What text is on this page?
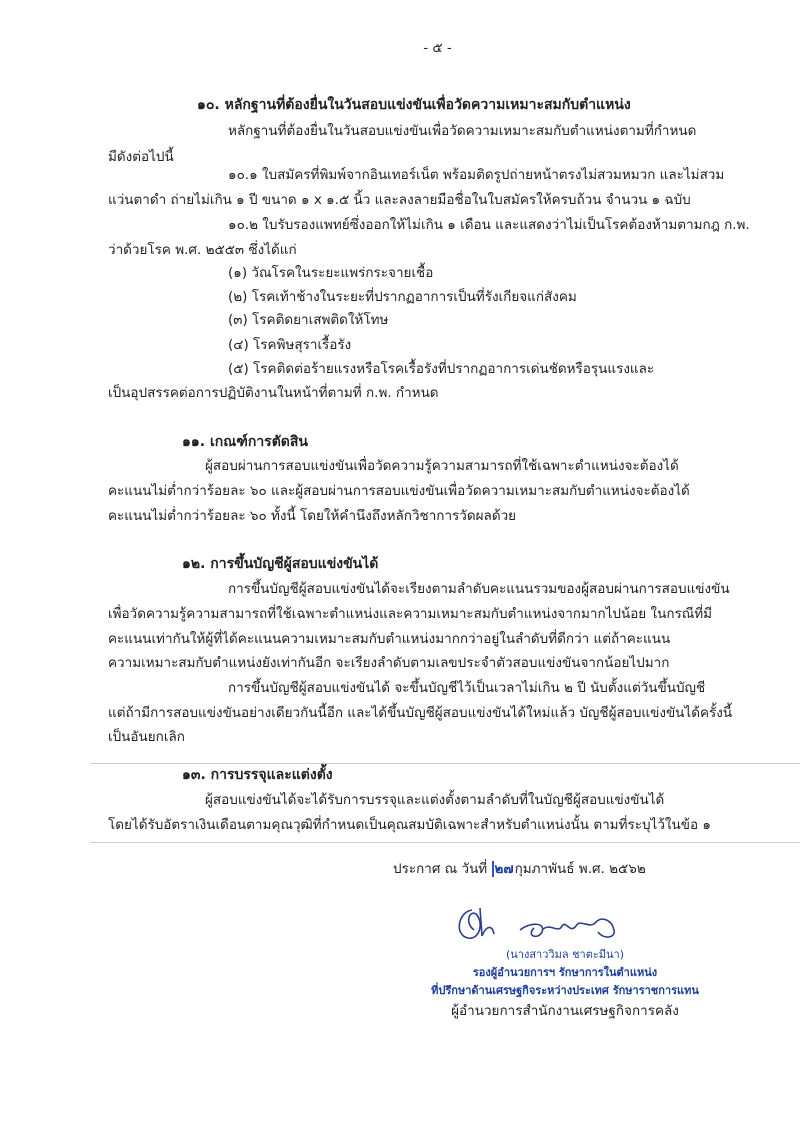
- ๕ -
๑๐. หลักฐานที่ต้องยื่นในวันสอบแข่งขันเพื่อวัดความเหมาะสมกับตำแหน่ง
หลักฐานที่ต้องยื่นในวันสอบแข่งขันเพื่อวัดความเหมาะสมกับตำแหน่งตามที่กำหนด
มีดังต่อไปนี้
๑๐.๑ ใบสมัครที่พิมพ์จากอินเทอร์เน็ต พร้อมติดรูปถ่ายหน้าตรงไม่สวมหมวก และไม่สวม
แว่นตาดำ ถ่ายไม่เกิน ๑ ปี ขนาด ๑ x ๑.๕ นิ้ว และลงลายมือชื่อในใบสมัครให้ครบถ้วน จำนวน ๑ ฉบับ
๑๐.๒ ใบรับรองแพทย์ซึ่งออกให้ไม่เกิน ๑ เดือน และแสดงว่าไม่เป็นโรคต้องห้ามตามกฎ ก.พ.
ว่าด้วยโรค พ.ศ. ๒๕๕๓ ซึ่งได้แก่
(๑) วัณโรคในระยะแพร่กระจายเชื้อ
(๒) โรคเท้าช้างในระยะที่ปรากฏอาการเป็นที่รังเกียจแก่สังคม
(๓) โรคติดยาเสพติดให้โทษ
(๔) โรคพิษสุราเรื้อรัง
(๕) โรคติดต่อร้ายแรงหรือโรคเรื้อรังที่ปรากฏอาการเด่นชัดหรือรุนแรงและ
เป็นอุปสรรคต่อการปฏิบัติงานในหน้าที่ตามที่ ก.พ. กำหนด
๑๑. เกณฑ์การตัดสิน
ผู้สอบผ่านการสอบแข่งขันเพื่อวัดความรู้ความสามารถที่ใช้เฉพาะตำแหน่งจะต้องได้
คะแนนไม่ต่ำกว่าร้อยละ ๖๐ และผู้สอบผ่านการสอบแข่งขันเพื่อวัดความเหมาะสมกับตำแหน่งจะต้องได้
คะแนนไม่ต่ำกว่าร้อยละ ๖๐ ทั้งนี้ โดยให้คำนึงถึงหลักวิชาการวัดผลด้วย
๑๒. การขึ้นบัญชีผู้สอบแข่งขันได้
การขึ้นบัญชีผู้สอบแข่งขันได้จะเรียงตามลำดับคะแนนรวมของผู้สอบผ่านการสอบแข่งขัน
เพื่อวัดความรู้ความสามารถที่ใช้เฉพาะตำแหน่งและความเหมาะสมกับตำแหน่งจากมากไปน้อย ในกรณีที่มี
คะแนนเท่ากันให้ผู้ที่ได้คะแนนความเหมาะสมกับตำแหน่งมากกว่าอยู่ในลำดับที่ดีกว่า แต่ถ้าคะแนน
ความเหมาะสมกับตำแหน่งยังเท่ากันอีก จะเรียงลำดับตามเลขประจำตัวสอบแข่งขันจากน้อยไปมาก
การขึ้นบัญชีผู้สอบแข่งขันได้ จะขึ้นบัญชีไว้เป็นเวลาไม่เกิน ๒ ปี นับตั้งแต่วันขึ้นบัญชี
แต่ถ้ามีการสอบแข่งขันอย่างเดียวกันนี้อีก และได้ขึ้นบัญชีผู้สอบแข่งขันได้ใหม่แล้ว บัญชีผู้สอบแข่งขันได้ครั้งนี้
เป็นอันยกเลิก
๑๓. การบรรจุและแต่งตั้ง
ผู้สอบแข่งขันได้จะได้รับการบรรจุและแต่งตั้งตามลำดับที่ในบัญชีผู้สอบแข่งขันได้
โดยได้รับอัตราเงินเดือนตามคุณวุฒิที่กำหนดเป็นคุณสมบัติเฉพาะสำหรับตำแหน่งนั้น ตามที่ระบุไว้ในข้อ ๑
ประกาศ ณ วันที่ ๒๗กุมภาพันธ์ พ.ศ. ๒๕๖๒
(นางสาววิมล ชาตะมีนา)
รองผู้อำนวยการฯ รักษาการในตำแหน่ง
ที่ปรึกษาด้านเศรษฐกิจระหว่างประเทศ รักษาราชการแทน
ผู้อำนวยการสำนักงานเศรษฐกิจการคลัง
